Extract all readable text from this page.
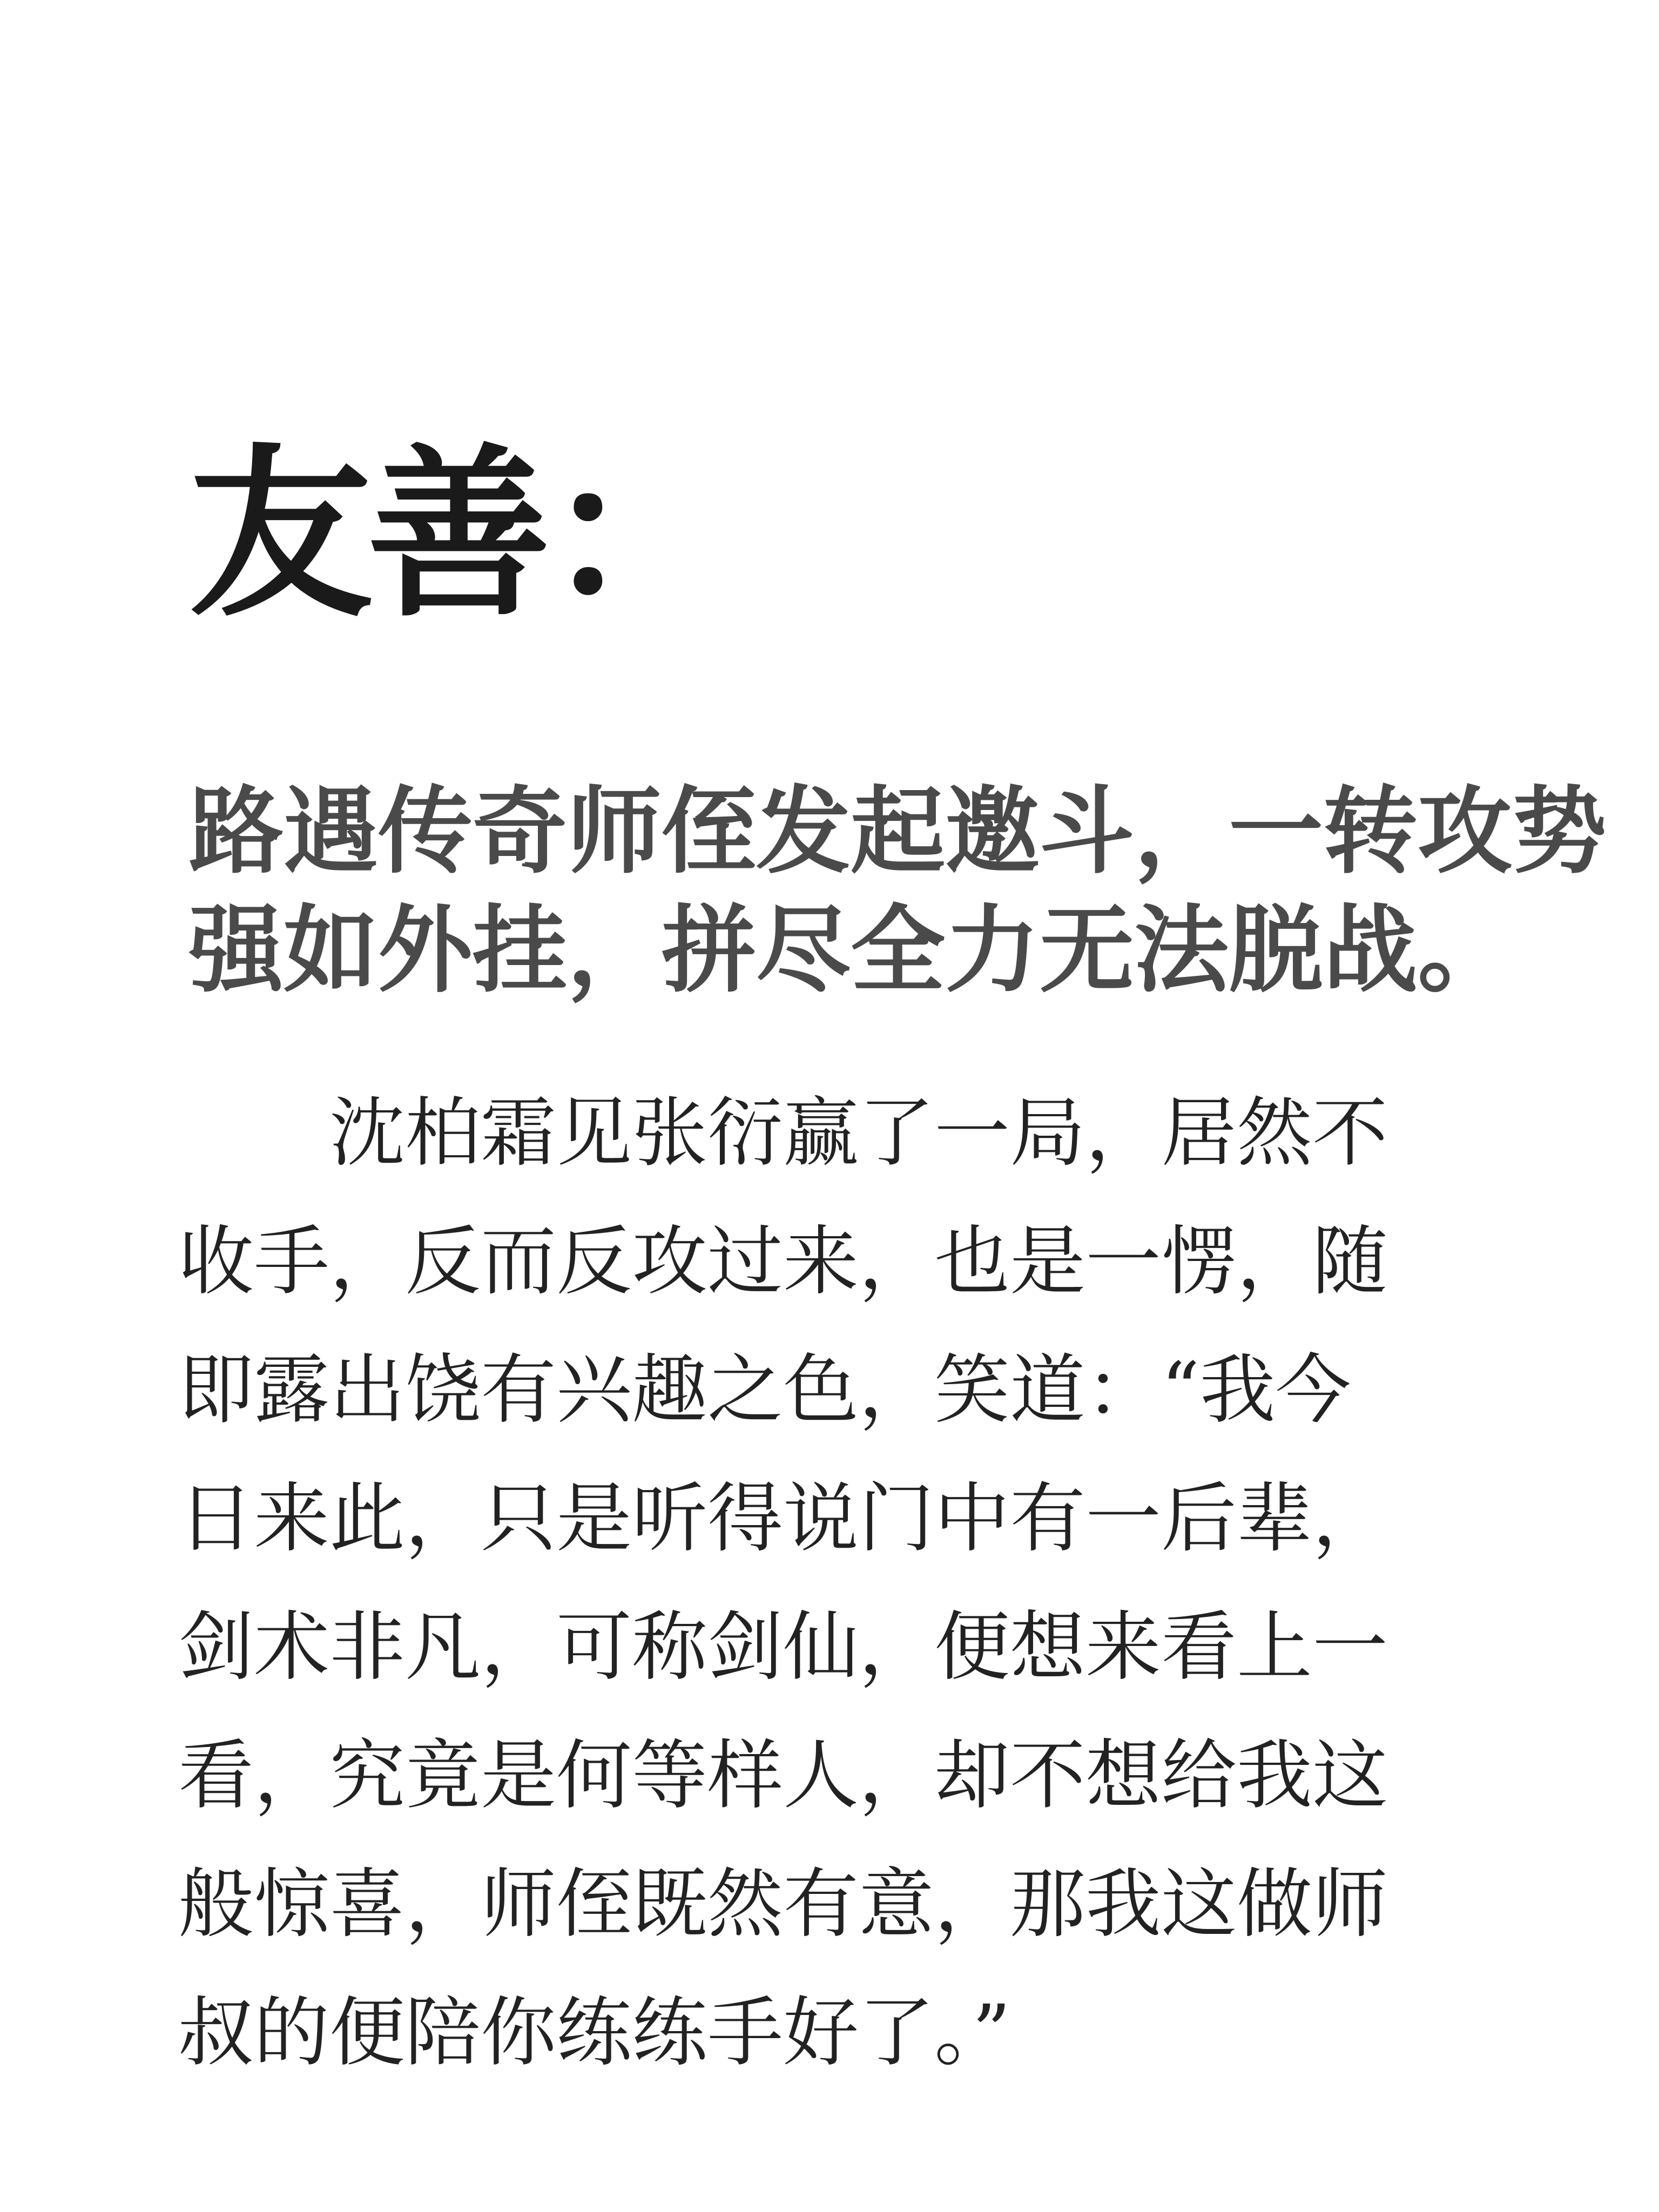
友善：
路遇传奇师侄发起邀斗，一转攻势
强如外挂，拼尽全力无法脱战。
沈柏霜见张衍赢了一局，居然不
收手，反而反攻过来，也是一愣，随
即露出饶有兴趣之色，笑道：“我今
日来此，只是听得说门中有一后辈，
剑术非凡，可称剑仙，便想来看上一
看，究竟是何等样人，却不想给我这
般惊喜，师侄既然有意，那我这做师
叔的便陪你练练手好了。”
